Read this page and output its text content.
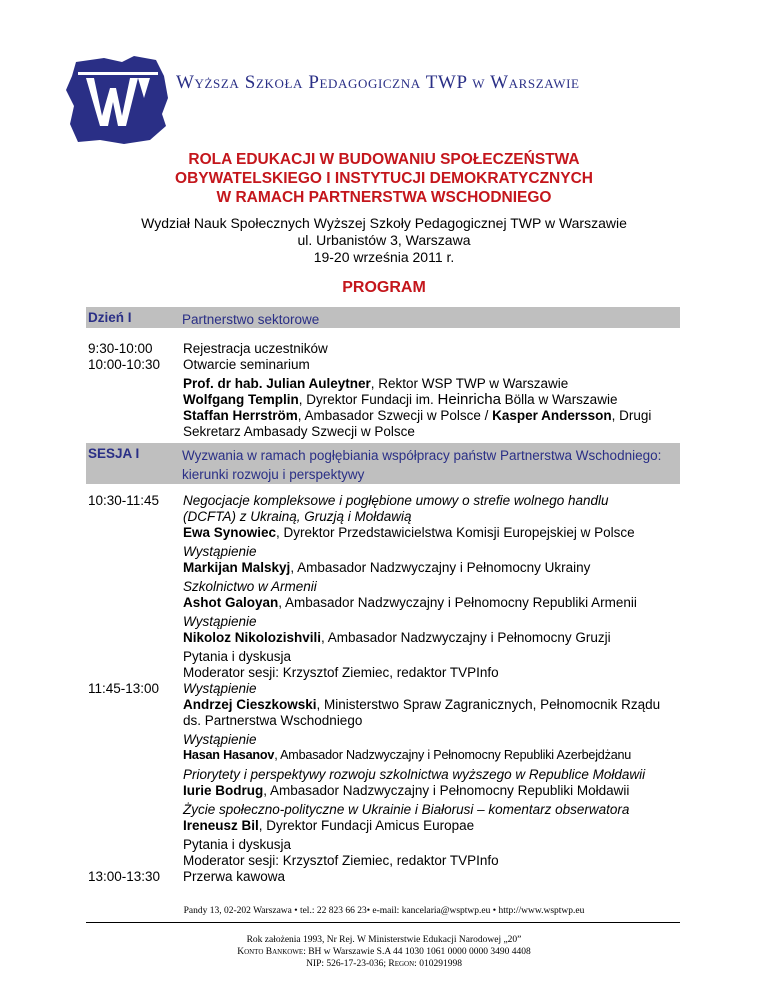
Wyższa Szkoła Pedagogiczna TWP w Warszawie
ROLA EDUKACJI W BUDOWANIU SPOŁECZEŃSTWA
OBYWATELSKIEGO I INSTYTUCJI DEMOKRATYCZNYCH
W RAMACH PARTNERSTWA WSCHODNIEGO
Wydział Nauk Społecznych Wyższej Szkoły Pedagogicznej TWP w Warszawie
ul. Urbanistów 3, Warszawa
19-20 września 2011 r.
PROGRAM
Dzień I	Partnerstwo sektorowe
9:30-10:00 Rejestracja uczestników
10:00-10:30 Otwarcie seminarium
Prof. dr hab. Julian Auleytner, Rektor WSP TWP w Warszawie
Wolfgang Templin, Dyrektor Fundacji im. Heinricha Bölla w Warszawie
Staffan Herrström, Ambasador Szwecji w Polsce / Kasper Andersson, Drugi
Sekretarz Ambasady Szwecji w Polsce
SESJA I	Wyzwania w ramach pogłębiania współpracy państw Partnerstwa Wschodniego:
kierunki rozwoju i perspektywy
10:30-11:45 Negocjacje kompleksowe i pogłębione umowy o strefie wolnego handlu
(DCFTA) z Ukrainą, Gruzją i Mołdawią
Ewa Synowiec, Dyrektor Przedstawicielstwa Komisji Europejskiej w Polsce
Wystąpienie
Markijan Malskyj, Ambasador Nadzwyczajny i Pełnomocny Ukrainy
Szkolnictwo w Armenii
Ashot Galoyan, Ambasador Nadzwyczajny i Pełnomocny Republiki Armenii
Wystąpienie
Nikoloz Nikolozishvili, Ambasador Nadzwyczajny i Pełnomocny Gruzji
Pytania i dyskusja
Moderator sesji: Krzysztof Ziemiec, redaktor TVPInfo
11:45-13:00 Wystąpienie
Andrzej Cieszkowski, Ministerstwo Spraw Zagranicznych, Pełnomocnik Rządu
ds. Partnerstwa Wschodniego
Wystąpienie
Hasan Hasanov, Ambasador Nadzwyczajny i Pełnomocny Republiki Azerbejdżanu
Priorytety i perspektywy rozwoju szkolnictwa wyższego w Republice Mołdawii
Iurie Bodrug, Ambasador Nadzwyczajny i Pełnomocny Republiki Mołdawii
Życie społeczno-polityczne w Ukrainie i Białorusi – komentarz obserwatora
Ireneusz Bil, Dyrektor Fundacji Amicus Europae
Pytania i dyskusja
Moderator sesji: Krzysztof Ziemiec, redaktor TVPInfo
13:00-13:30 Przerwa kawowa
Pandy 13, 02-202 Warszawa • tel.: 22 823 66 23• e-mail: kancelaria@wsptwp.eu • http://www.wsptwp.eu
Rok założenia 1993, Nr Rej. W Ministerstwie Edukacji Narodowej „20”
Konto Bankowe: BH w Warszawie S.A 44 1030 1061 0000 0000 3490 4408
NIP: 526-17-23-036; Regon: 010291998
